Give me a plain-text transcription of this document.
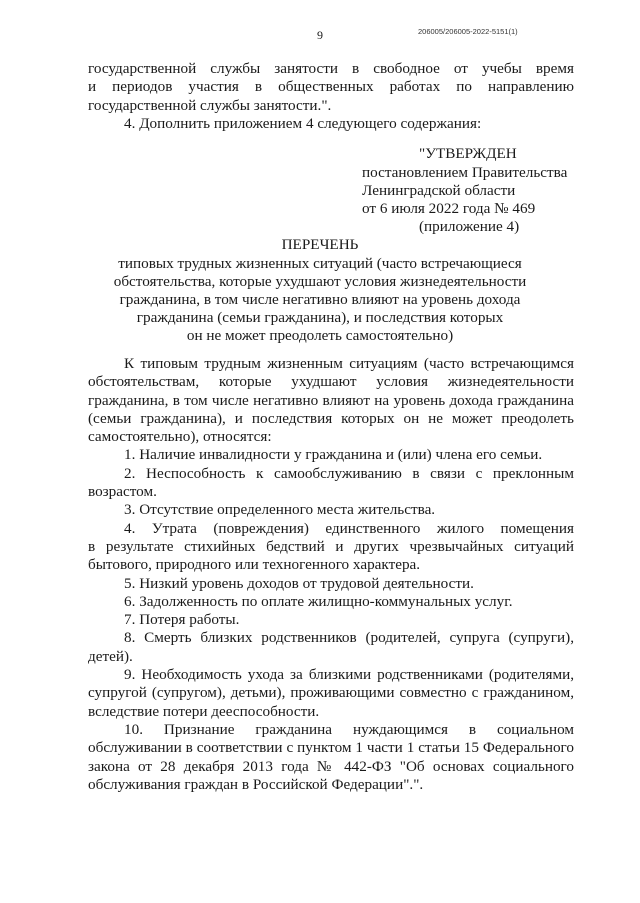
206005/206005-2022-5151(1)
9
государственной службы занятости в свободное от учебы время
и периодов участия в общественных работах по направлению
государственной службы занятости.".
4. Дополнить приложением 4 следующего содержания:
"УТВЕРЖДЕН
постановлением Правительства
Ленинградской области
от 6 июля 2022 года № 469
(приложение 4)
ПЕРЕЧЕНЬ
типовых трудных жизненных ситуаций (часто встречающиеся
обстоятельства, которые ухудшают условия жизнедеятельности
гражданина, в том числе негативно влияют на уровень дохода
гражданина (семьи гражданина), и последствия которых
он не может преодолеть самостоятельно)
К типовым трудным жизненным ситуациям (часто встречающимся
обстоятельствам, которые ухудшают условия жизнедеятельности
гражданина, в том числе негативно влияют на уровень дохода гражданина
(семьи гражданина), и последствия которых он не может преодолеть
самостоятельно), относятся:
1. Наличие инвалидности у гражданина и (или) члена его семьи.
2. Неспособность к самообслуживанию в связи с преклонным
возрастом.
3. Отсутствие определенного места жительства.
4. Утрата (повреждения) единственного жилого помещения
в результате стихийных бедствий и других чрезвычайных ситуаций
бытового, природного или техногенного характера.
5. Низкий уровень доходов от трудовой деятельности.
6. Задолженность по оплате жилищно-коммунальных услуг.
7. Потеря работы.
8. Смерть близких родственников (родителей, супруга (супруги),
детей).
9. Необходимость ухода за близкими родственниками (родителями,
супругой (супругом), детьми), проживающими совместно с гражданином,
вследствие потери дееспособности.
10. Признание гражданина нуждающимся в социальном
обслуживании в соответствии с пунктом 1 части 1 статьи 15 Федерального
закона от 28 декабря 2013 года № 442-ФЗ "Об основах социального
обслуживания граждан в Российской Федерации".".
